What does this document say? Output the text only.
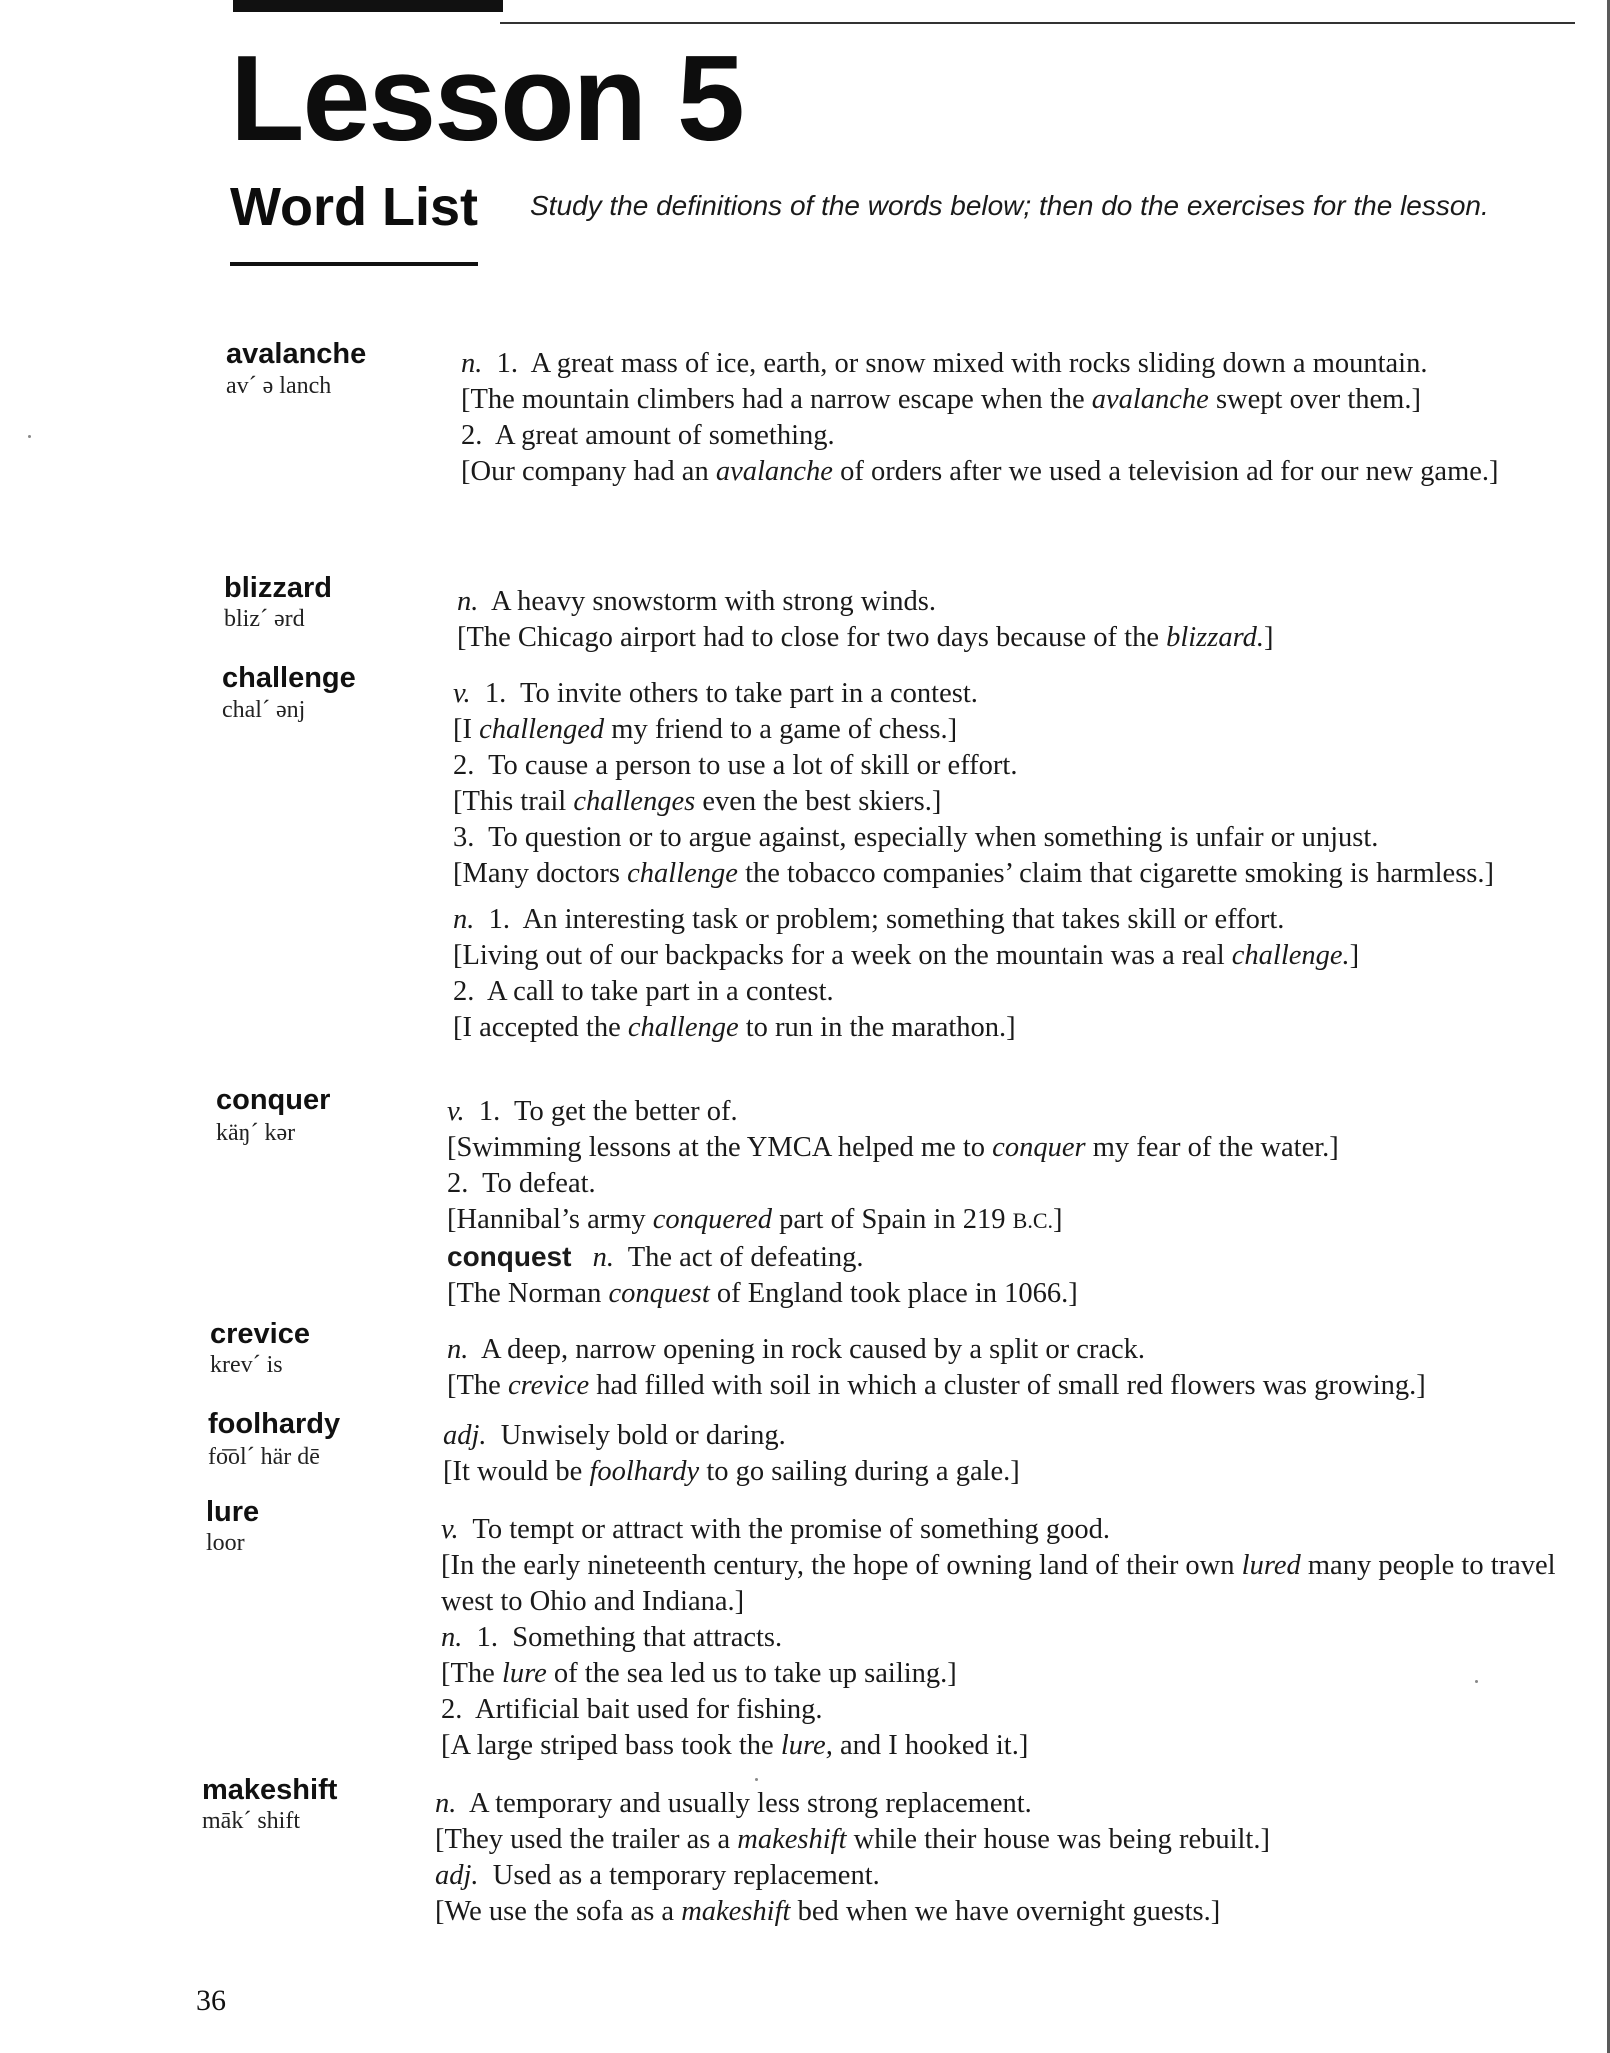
Lesson 5
Word List Study the definitions of the words below; then do the exercises for the lesson.

avalanche
av´ ə lanch
n.  1.  A great mass of ice, earth, or snow mixed with rocks sliding down a mountain.
[The mountain climbers had a narrow escape when the avalanche swept over them.]
2.  A great amount of something.
[Our company had an avalanche of orders after we used a television ad for our new game.]
blizzard
bliz´ ərd
n.  A heavy snowstorm with strong winds.
[The Chicago airport had to close for two days because of the blizzard.]
challenge
chal´ ənj
v.  1.  To invite others to take part in a contest.
[I challenged my friend to a game of chess.]
2.  To cause a person to use a lot of skill or effort.
[This trail challenges even the best skiers.]
3.  To question or to argue against, especially when something is unfair or unjust.
[Many doctors challenge the tobacco companies’ claim that cigarette smoking is harmless.]
n.  1.  An interesting task or problem; something that takes skill or effort.
[Living out of our backpacks for a week on the mountain was a real challenge.]
2.  A call to take part in a contest.
[I accepted the challenge to run in the marathon.]
conquer
käŋ´ kər
v.  1.  To get the better of.
[Swimming lessons at the YMCA helped me to conquer my fear of the water.]
2.  To defeat.
[Hannibal’s army conquered part of Spain in 219 B.C.]
conquest n.  The act of defeating.
[The Norman conquest of England took place in 1066.]
crevice
krev´ is	n.  A deep, narrow opening in rock caused by a split or crack.
[The crevice had filled with soil in which a cluster of small red flowers was growing.]
foolhardy
fo͞ol´ här dē
adj.  Unwisely bold or daring.
[It would be foolhardy to go sailing during a gale.]
lure
loor	v.  To tempt or attract with the promise of something good.
[In the early nineteenth century, the hope of owning land of their own lured many people to travel west to Ohio and Indiana.]
n.  1.  Something that attracts.
[The lure of the sea led us to take up sailing.]
2.  Artificial bait used for fishing.
[A large striped bass took the lure, and I hooked it.]
makeshift
māk´ shift
n.  A temporary and usually less strong replacement.
[They used the trailer as a makeshift while their house was being rebuilt.]
adj.  Used as a temporary replacement.
[We use the sofa as a makeshift bed when we have overnight guests.]

36
